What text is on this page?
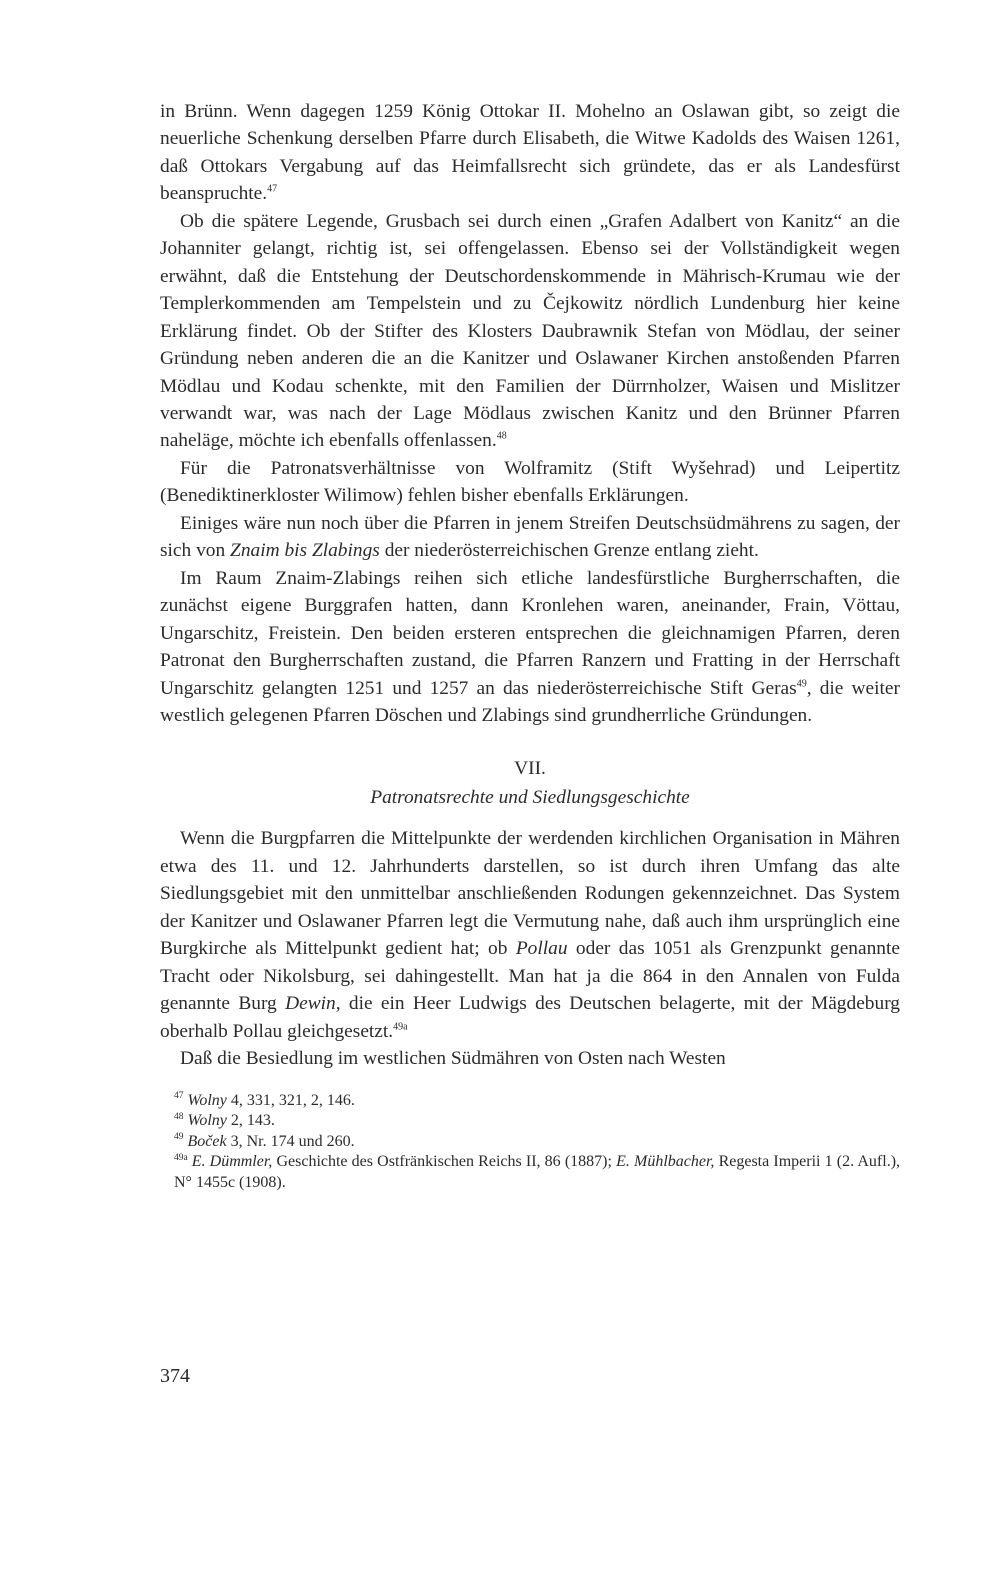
in Brünn. Wenn dagegen 1259 König Ottokar II. Mohelno an Oslawan gibt, so zeigt die neuerliche Schenkung derselben Pfarre durch Elisabeth, die Witwe Kadolds des Waisen 1261, daß Ottokars Vergabung auf das Heimfallsrecht sich gründete, das er als Landesfürst beanspruchte.$^{47}$

Ob die spätere Legende, Grusbach sei durch einen „Grafen Adalbert von Kanitz“ an die Johanniter gelangt, richtig ist, sei offengelassen. Ebenso sei der Vollständigkeit wegen erwähnt, daß die Entstehung der Deutschordenskommende in Mährisch-Krumau wie der Templerkommenden am Tempelstein und zu Čejkowitz nördlich Lundenburg hier keine Erklärung findet. Ob der Stifter des Klosters Daubrawnik Stefan von Mödlau, der seiner Gründung neben anderen die an die Kanitzer und Oslawaner Kirchen anstoßenden Pfarren Mödlau und Kodau schenkte, mit den Familien der Dürrnholzer, Waisen und Mislitzer verwandt war, was nach der Lage Mödlaus zwischen Kanitz und den Brünner Pfarren naheläge, möchte ich ebenfalls offenlassen.$^{48}$

Für die Patronatsverhältnisse von Wolframitz (Stift Wyšehrad) und Leipertitz (Benediktinerkloster Wilimow) fehlen bisher ebenfalls Erklärungen.

Einiges wäre nun noch über die Pfarren in jenem Streifen Deutschsüdmährens zu sagen, der sich von Znaim bis Zlabings der niederösterreichischen Grenze entlang zieht.

Im Raum Znaim-Zlabings reihen sich etliche landesfürstliche Burgherrschaften, die zunächst eigene Burggrafen hatten, dann Kronlehen waren, aneinander, Frain, Vöttau, Ungarschitz, Freistein. Den beiden ersteren entsprechen die gleichnamigen Pfarren, deren Patronat den Burgherrschaften zustand, die Pfarren Ranzern und Fratting in der Herrschaft Ungarschitz gelangten 1251 und 1257 an das niederösterreichische Stift Geras$^{49}$, die weiter westlich gelegenen Pfarren Döschen und Zlabings sind grundherrliche Gründungen.

VII.
Patronatsrechte und Siedlungsgeschichte

Wenn die Burgpfarren die Mittelpunkte der werdenden kirchlichen Organisation in Mähren etwa des 11. und 12. Jahrhunderts darstellen, so ist durch ihren Umfang das alte Siedlungsgebiet mit den unmittelbar anschließenden Rodungen gekennzeichnet. Das System der Kanitzer und Oslawaner Pfarren legt die Vermutung nahe, daß auch ihm ursprünglich eine Burgkirche als Mittelpunkt gedient hat; ob Pollau oder das 1051 als Grenzpunkt genannte Tracht oder Nikolsburg, sei dahingestellt. Man hat ja die 864 in den Annalen von Fulda genannte Burg Dewin, die ein Heer Ludwigs des Deutschen belagerte, mit der Mägdeburg oberhalb Pollau gleichgesetzt.$^{49a}$

Daß die Besiedlung im westlichen Südmähren von Osten nach Westen

$^{47}$ Wolny 4, 331, 321, 2, 146.

$^{48}$ Wolny 2, 143.

$^{49}$ Boček 3, Nr. 174 und 260.

$^{49a}$ E. Dümmler, Geschichte des Ostfränkischen Reichs II, 86 (1887); E. Mühlbacher, Regesta Imperii 1 (2. Aufl.), N° 1455c (1908).

374
